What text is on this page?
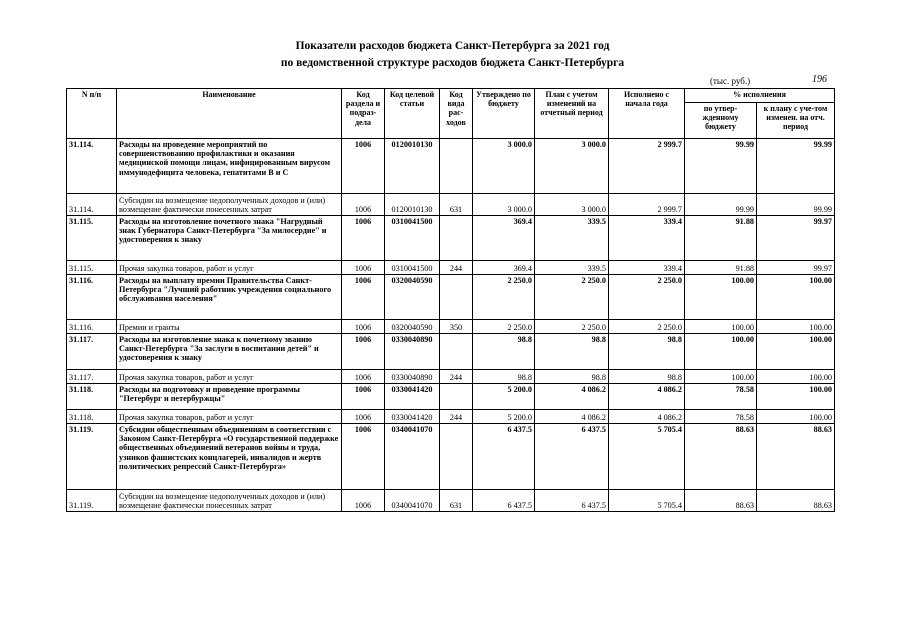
Показатели расходов бюджета Санкт-Петербурга за 2021 год
по ведомственной структуре расходов бюджета Санкт-Петербурга
(тыс. руб.)	196
N п/п	Наименование	Код раздела и подраз-дела	Код целевой статьи	Код вида рас-ходов	Утверждено по бюджету	План с учетом изменений на отчетный период	Исполнено с начала года	% исполнения	
								по утвер-жденному бюджету	к плану с уче-том изменен. на отч. период
31.114.	Расходы на проведение мероприятий по совершенствованию профилактики и оказания медицинской помощи лицам, инфицированным вирусом иммунодефицита человека, гепатитами В и С	1006	0120010130		3 000.0	3 000.0	2 999.7	99.99	99.99
31.114.	Субсидии на возмещение недополученных доходов и (или) возмещение фактически понесенных затрат	1006	0120010130	631	3 000.0	3 000.0	2 999.7	99.99	99.99
31.115.	Расходы на изготовление почетного знака "Нагрудный знак Губернатора Санкт-Петербурга "За милосердие" и удостоверения к знаку	1006	0310041500		369.4	339.5	339.4	91.88	99.97
31.115.	Прочая закупка товаров, работ и услуг	1006	0310041500	244	369.4	339.5	339.4	91.88	99.97
31.116.	Расходы на выплату премии Правительства Санкт-Петербурга "Лучший работник учреждения социального обслуживания населения"	1006	0320040590		2 250.0	2 250.0	2 250.0	100.00	100.00
31.116.	Премии и гранты	1006	0320040590	350	2 250.0	2 250.0	2 250.0	100.00	100.00
31.117.	Расходы на изготовление знака к почетному званию Санкт-Петербурга "За заслуги в воспитании детей" и удостоверения к знаку	1006	0330040890		98.8	98.8	98.8	100.00	100.00
31.117.	Прочая закупка товаров, работ и услуг	1006	0330040890	244	98.8	98.8	98.8	100.00	100.00
31.118.	Расходы на подготовку и проведение программы "Петербург и петербуржцы"	1006	0330041420		5 200.0	4 086.2	4 086.2	78.58	100.00
31.118.	Прочая закупка товаров, работ и услуг	1006	0330041420	244	5 200.0	4 086.2	4 086.2	78.58	100.00
31.119.	Субсидии общественным объединениям в соответствии с Законом Санкт-Петербурга «О государственной поддержке общественных объединений ветеранов войны и труда, узников фашистских концлагерей, инвалидов и жертв политических репрессий Санкт-Петербурга»	1006	0340041070		6 437.5	6 437.5	5 705.4	88.63	88.63
31.119.	Субсидии на возмещение недополученных доходов и (или) возмещение фактически понесенных затрат	1006	0340041070	631	6 437.5	6 437.5	5 705.4	88.63	88.63
